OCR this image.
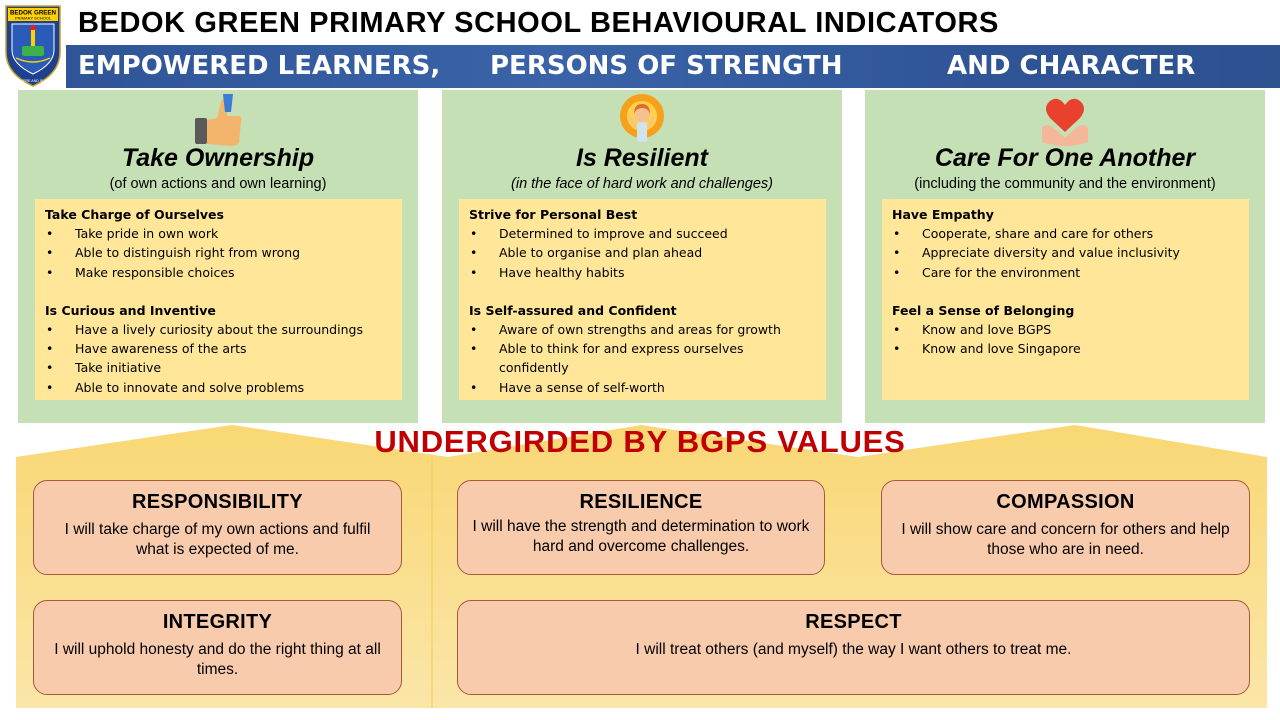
BEDOK GREEN
PRIMARY SCHOOL
PERSEVERE AND SUCCEED
BEDOK GREEN PRIMARY SCHOOL BEHAVIOURAL INDICATORS
EMPOWERED LEARNERS, PERSONS OF STRENGTH	AND CHARACTER
Take Ownership
(of own actions and own learning)
Take Charge of Ourselves
• Take pride in own work
• Able to distinguish right from wrong
• Make responsible choices
Is Curious and Inventive
• Have a lively curiosity about the surroundings
• Have awareness of the arts
• Take initiative
• Able to innovate and solve problems
Is Resilient
(in the face of hard work and challenges)
Strive for Personal Best
• Determined to improve and succeed
• Able to organise and plan ahead
• Have healthy habits
Is Self-assured and Confident
• Aware of own strengths and areas for growth
• Able to think for and express ourselves confidently
• Have a sense of self-worth
Care For One Another
(including the community and the environment)
Have Empathy
• Cooperate, share and care for others
• Appreciate diversity and value inclusivity
• Care for the environment
Feel a Sense of Belonging
• Know and love BGPS
• Know and love Singapore
UNDERGIRDED BY BGPS VALUES
RESPONSIBILITY
I will take charge of my own actions and fulfil what is expected of me.
RESILIENCE
I will have the strength and determination to work hard and overcome challenges.
COMPASSION
I will show care and concern for others and help those who are in need.
INTEGRITY
I will uphold honesty and do the right thing at all times.
RESPECT
I will treat others (and myself) the way I want others to treat me.
